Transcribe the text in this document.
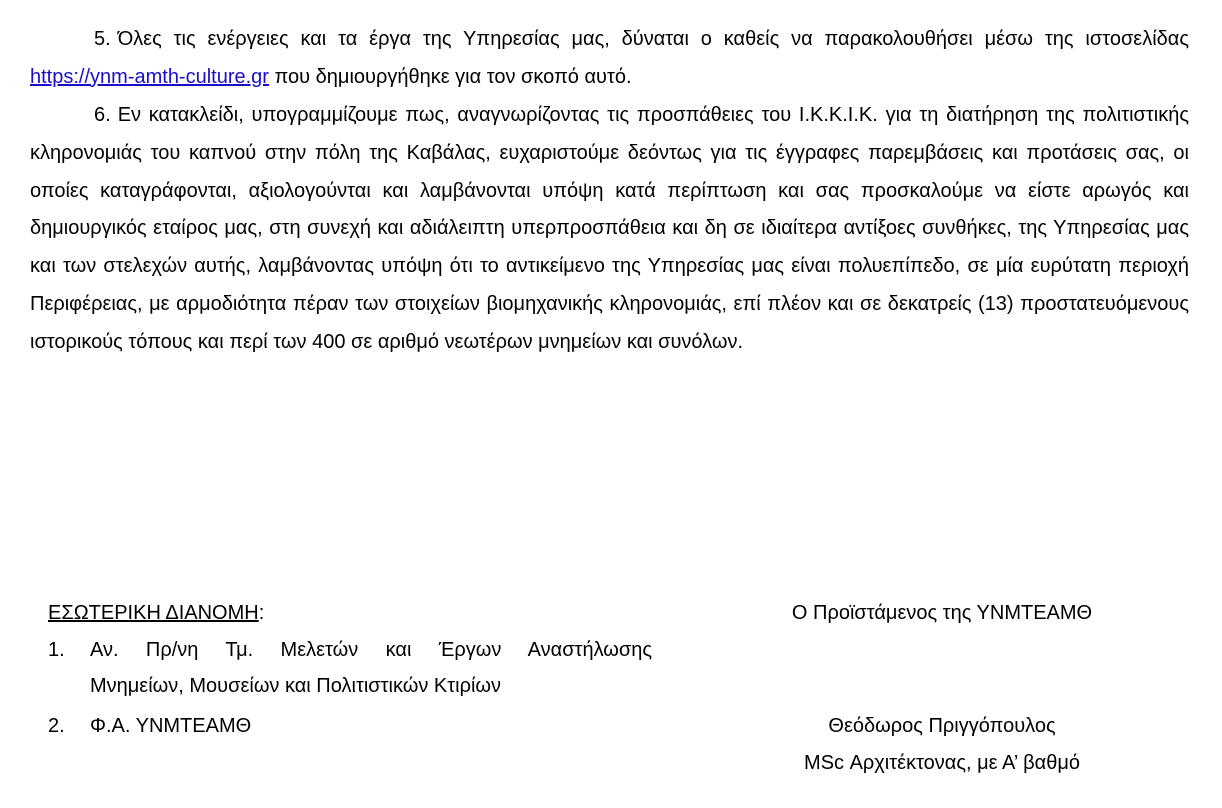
5. Όλες τις ενέργειες και τα έργα της Υπηρεσίας μας, δύναται ο καθείς να παρακολουθήσει μέσω της ιστοσελίδας https://ynm-amth-culture.gr που δημιουργήθηκε για τον σκοπό αυτό.

6. Εν κατακλείδι, υπογραμμίζουμε πως, αναγνωρίζοντας τις προσπάθειες του Ι.Κ.Κ.Ι.Κ. για τη διατήρηση της πολιτιστικής κληρονομιάς του καπνού στην πόλη της Καβάλας, ευχαριστούμε δεόντως για τις έγγραφες παρεμβάσεις και προτάσεις σας, οι οποίες καταγράφονται, αξιολογούνται και λαμβάνονται υπόψη κατά περίπτωση και σας προσκαλούμε να είστε αρωγός και δημιουργικός εταίρος μας, στη συνεχή και αδιάλειπτη υπερπροσπάθεια και δη σε ιδιαίτερα αντίξοες συνθήκες, της Υπηρεσίας μας και των στελεχών αυτής, λαμβάνοντας υπόψη ότι το αντικείμενο της Υπηρεσίας μας είναι πολυεπίπεδο, σε μία ευρύτατη περιοχή Περιφέρειας, με αρμοδιότητα πέραν των στοιχείων βιομηχανικής κληρονομιάς, επί πλέον και σε δεκατρείς (13) προστατευόμενους ιστορικούς τόπους και περί των 400 σε αριθμό νεωτέρων μνημείων και συνόλων.

ΕΣΩΤΕΡΙΚΗ ΔΙΑΝΟΜΗ:
1. Αν. Πρ/νη Τμ. Μελετών και Έργων Αναστήλωσης
Μνημείων, Μουσείων και Πολιτιστικών Κτιρίων
2. Φ.Α. ΥΝΜΤΕΑΜΘ
Ο Προϊστάμενος της ΥΝΜΤΕΑΜΘ
Θεόδωρος Πριγγόπουλος
MSc Αρχιτέκτονας, με Α’ βαθμό
